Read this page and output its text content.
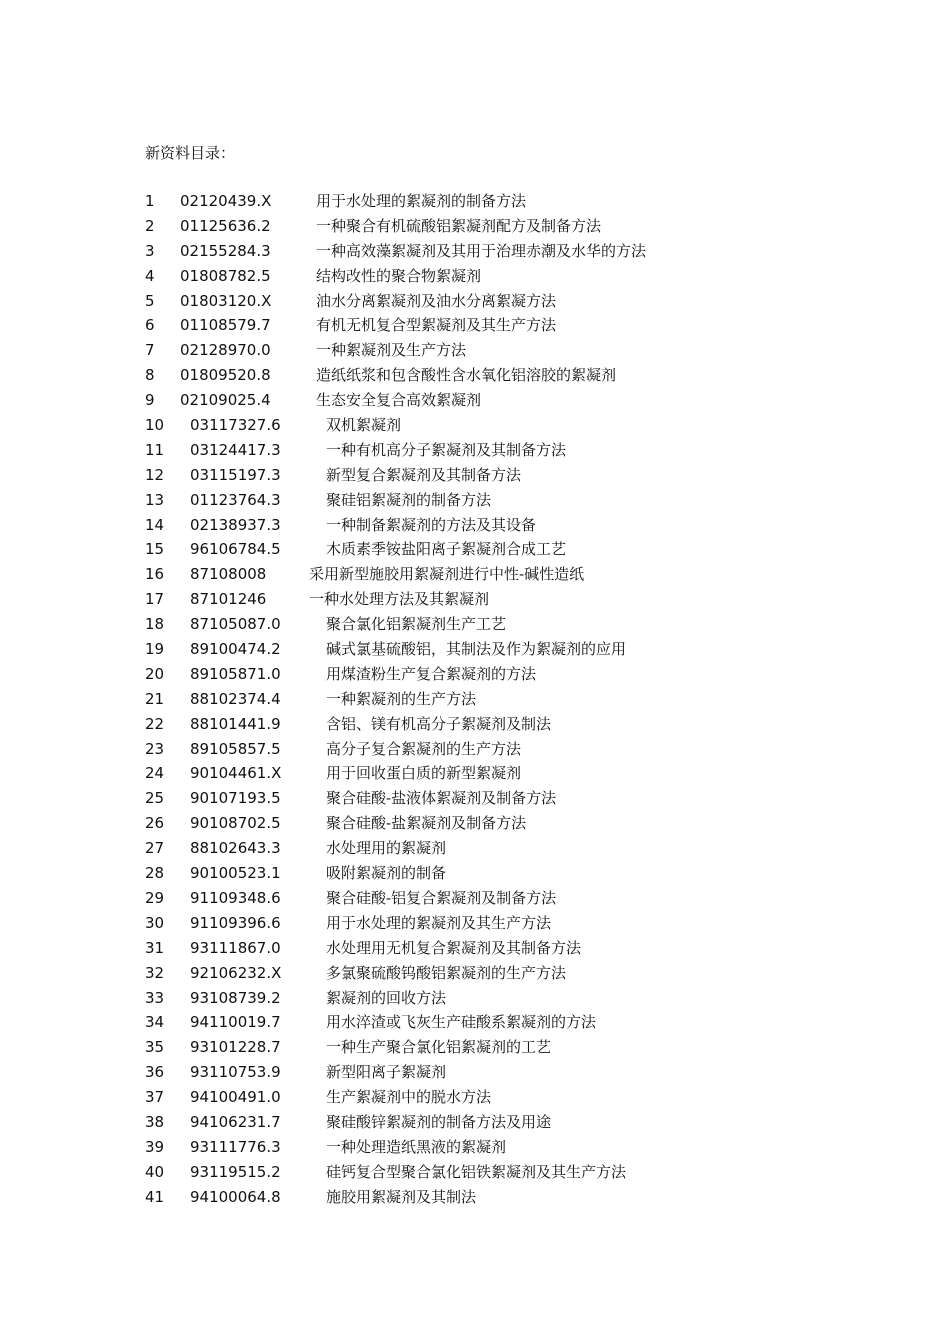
新资料目录：
1 02120439.X	用于水处理的絮凝剂的制备方法
2 01125636.2	一种聚合有机硫酸铝絮凝剂配方及制备方法
3 02155284.3	一种高效藻絮凝剂及其用于治理赤潮及水华的方法
4 01808782.5	结构改性的聚合物絮凝剂
5 01803120.X	油水分离絮凝剂及油水分离絮凝方法
6 01108579.7	有机无机复合型絮凝剂及其生产方法
7 02128970.0	一种絮凝剂及生产方法
8 01809520.8	造纸纸浆和包含酸性含水氧化铝溶胶的絮凝剂
9 02109025.4	生态安全复合高效絮凝剂
10 03117327.6	双机絮凝剂
11 03124417.3	一种有机高分子絮凝剂及其制备方法
12 03115197.3	新型复合絮凝剂及其制备方法
13 01123764.3	聚硅铝絮凝剂的制备方法
14 02138937.3	一种制备絮凝剂的方法及其设备
15 96106784.5	木质素季铵盐阳离子絮凝剂合成工艺
16 87108008	采用新型施胶用絮凝剂进行中性-碱性造纸
17 87101246	一种水处理方法及其絮凝剂
18 87105087.0	聚合氯化铝絮凝剂生产工艺
19 89100474.2	碱式氯基硫酸铝，其制法及作为絮凝剂的应用
20 89105871.0	用煤渣粉生产复合絮凝剂的方法
21 88102374.4	一种絮凝剂的生产方法
22 88101441.9	含铝、镁有机高分子絮凝剂及制法
23 89105857.5	高分子复合絮凝剂的生产方法
24 90104461.X	用于回收蛋白质的新型絮凝剂
25 90107193.5	聚合硅酸-盐液体絮凝剂及制备方法
26 90108702.5	聚合硅酸-盐絮凝剂及制备方法
27 88102643.3	水处理用的絮凝剂
28 90100523.1	吸附絮凝剂的制备
29 91109348.6	聚合硅酸-铝复合絮凝剂及制备方法
30 91109396.6	用于水处理的絮凝剂及其生产方法
31 93111867.0	水处理用无机复合絮凝剂及其制备方法
32 92106232.X	多氯聚硫酸钨酸铝絮凝剂的生产方法
33 93108739.2	絮凝剂的回收方法
34 94110019.7	用水淬渣或飞灰生产硅酸系絮凝剂的方法
35 93101228.7	一种生产聚合氯化铝絮凝剂的工艺
36 93110753.9	新型阳离子絮凝剂
37 94100491.0	生产絮凝剂中的脱水方法
38 94106231.7	聚硅酸锌絮凝剂的制备方法及用途
39 93111776.3	一种处理造纸黑液的絮凝剂
40 93119515.2	硅钙复合型聚合氯化铝铁絮凝剂及其生产方法
41 94100064.8	施胶用絮凝剂及其制法
